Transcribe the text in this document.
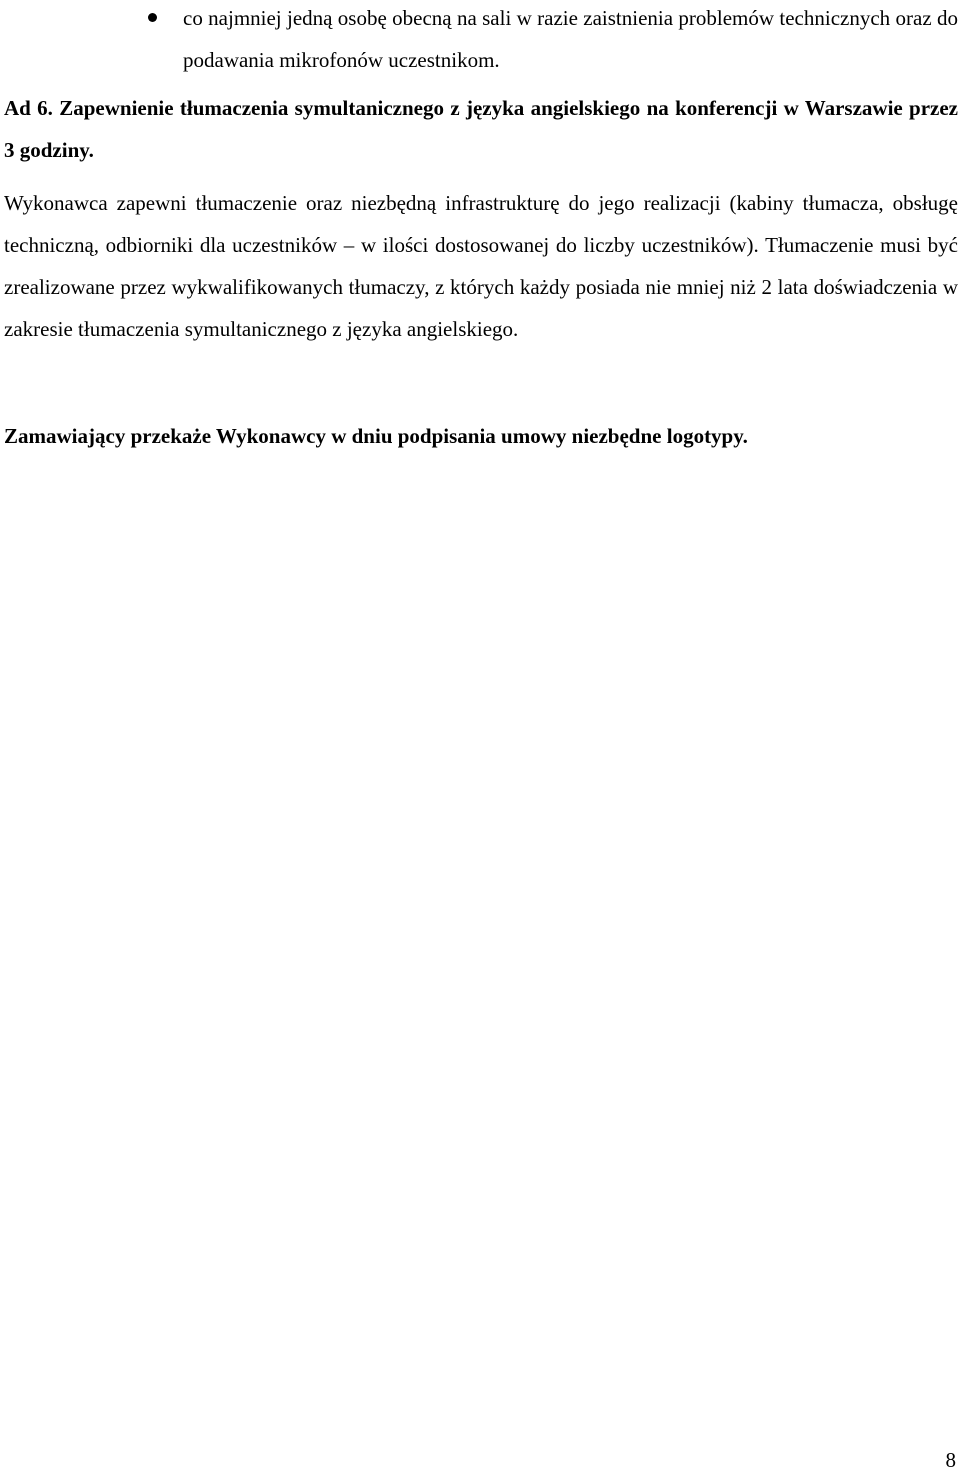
co najmniej jedną osobę obecną na sali w razie zaistnienia problemów technicznych oraz do podawania mikrofonów uczestnikom.
Ad 6. Zapewnienie tłumaczenia symultanicznego z języka angielskiego na konferencji w Warszawie przez 3 godziny.
Wykonawca zapewni tłumaczenie oraz niezbędną infrastrukturę do jego realizacji (kabiny tłumacza, obsługę techniczną, odbiorniki dla uczestników – w ilości dostosowanej do liczby uczestników). Tłumaczenie musi być zrealizowane przez wykwalifikowanych tłumaczy, z których każdy posiada nie mniej niż 2 lata doświadczenia w zakresie tłumaczenia symultanicznego z języka angielskiego.
Zamawiający przekaże Wykonawcy w dniu podpisania umowy niezbędne logotypy.
8
